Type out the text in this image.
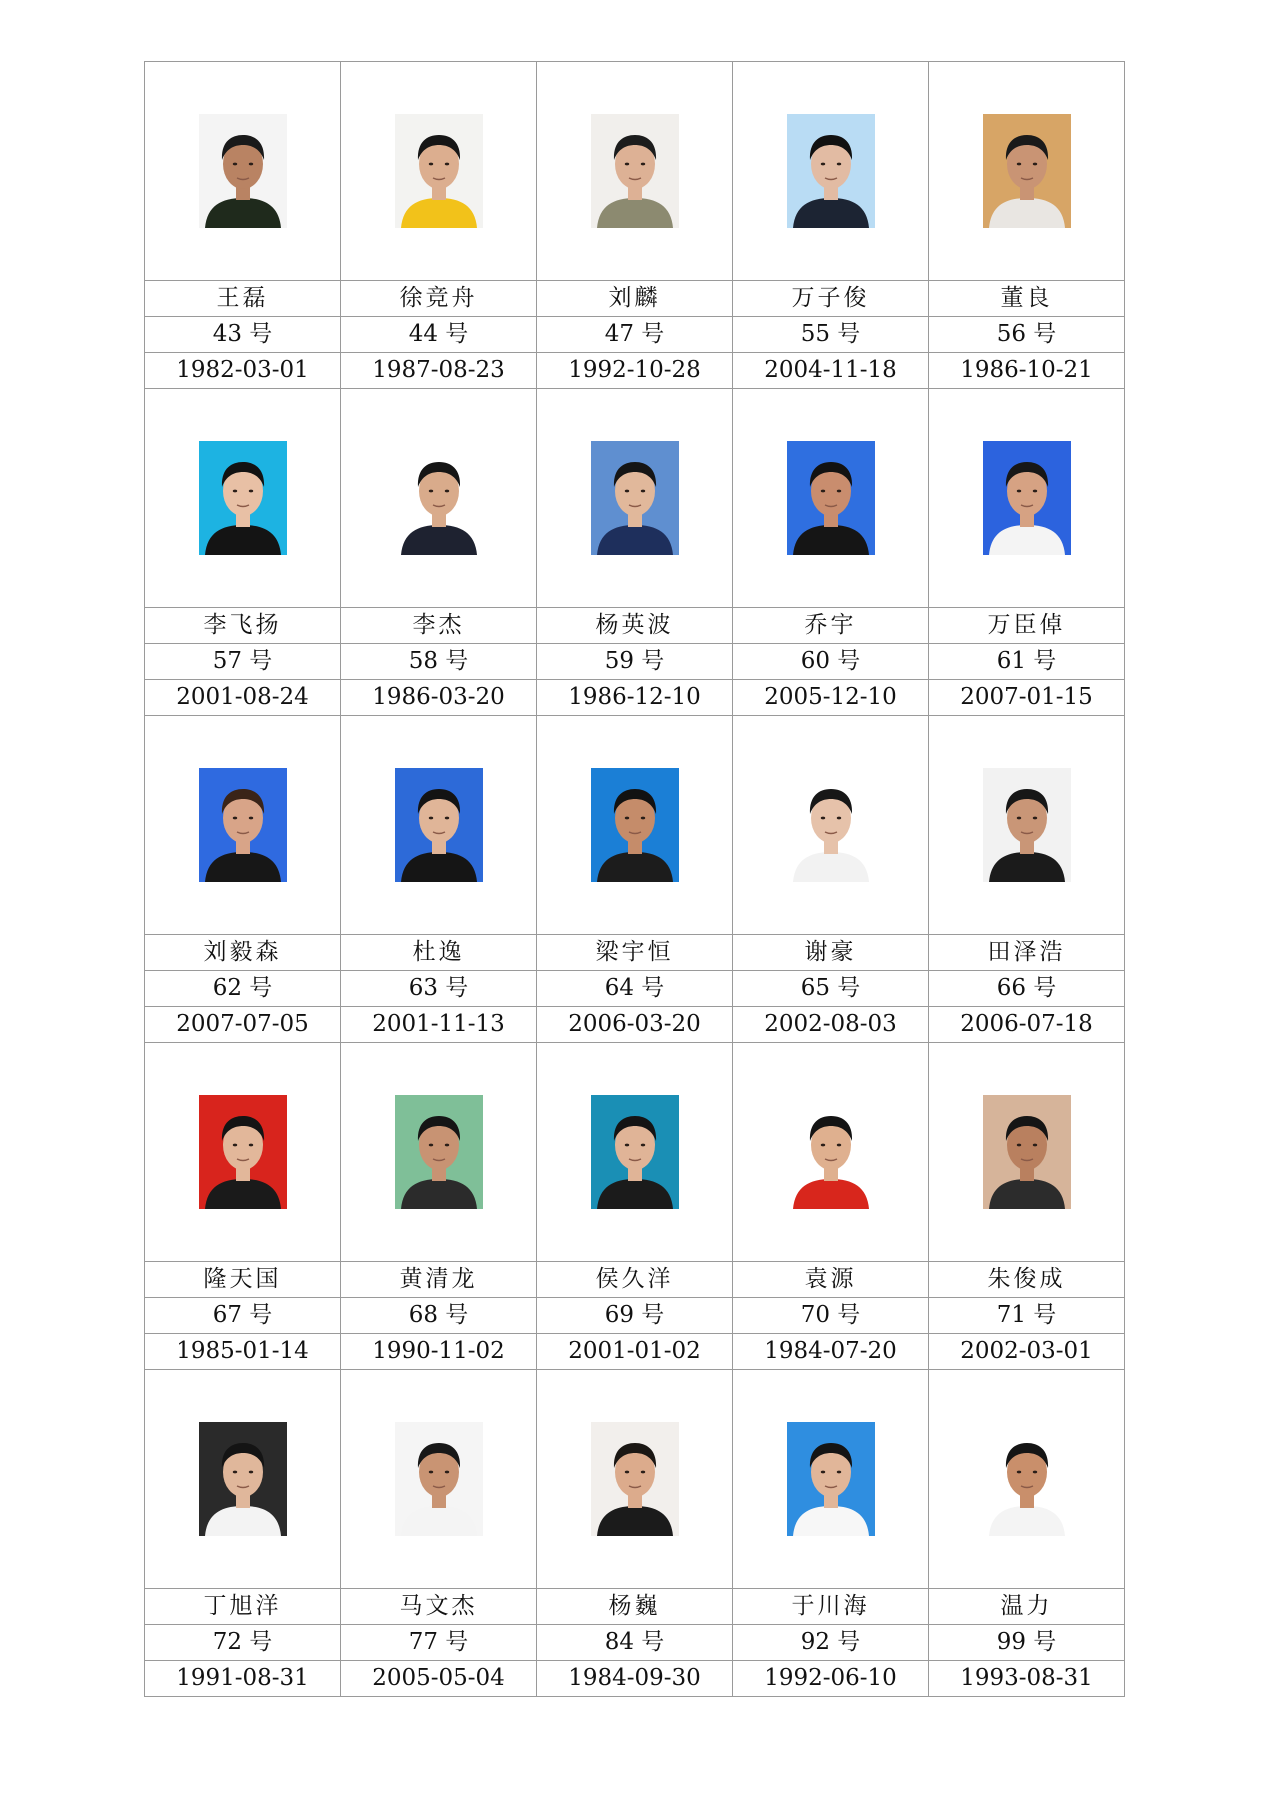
王磊
43 号
1982-03-01
徐竞舟
44 号
1987-08-23
刘麟
47 号
1992-10-28
万子俊
55 号
2004-11-18
董良
56 号
1986-10-21
李飞扬
57 号
2001-08-24
李杰
58 号
1986-03-20
杨英波
59 号
1986-12-10
乔宇
60 号
2005-12-10
万臣倬
61 号
2007-01-15
刘毅森
62 号
2007-07-05
杜逸
63 号
2001-11-13
梁宇恒
64 号
2006-03-20
谢豪
65 号
2002-08-03
田泽浩
66 号
2006-07-18
隆天国
67 号
1985-01-14
黄清龙
68 号
1990-11-02
侯久洋
69 号
2001-01-02
袁源
70 号
1984-07-20
朱俊成
71 号
2002-03-01
丁旭洋
72 号
1991-08-31
马文杰
77 号
2005-05-04
杨巍
84 号
1984-09-30
于川海
92 号
1992-06-10
温力
99 号
1993-08-31
